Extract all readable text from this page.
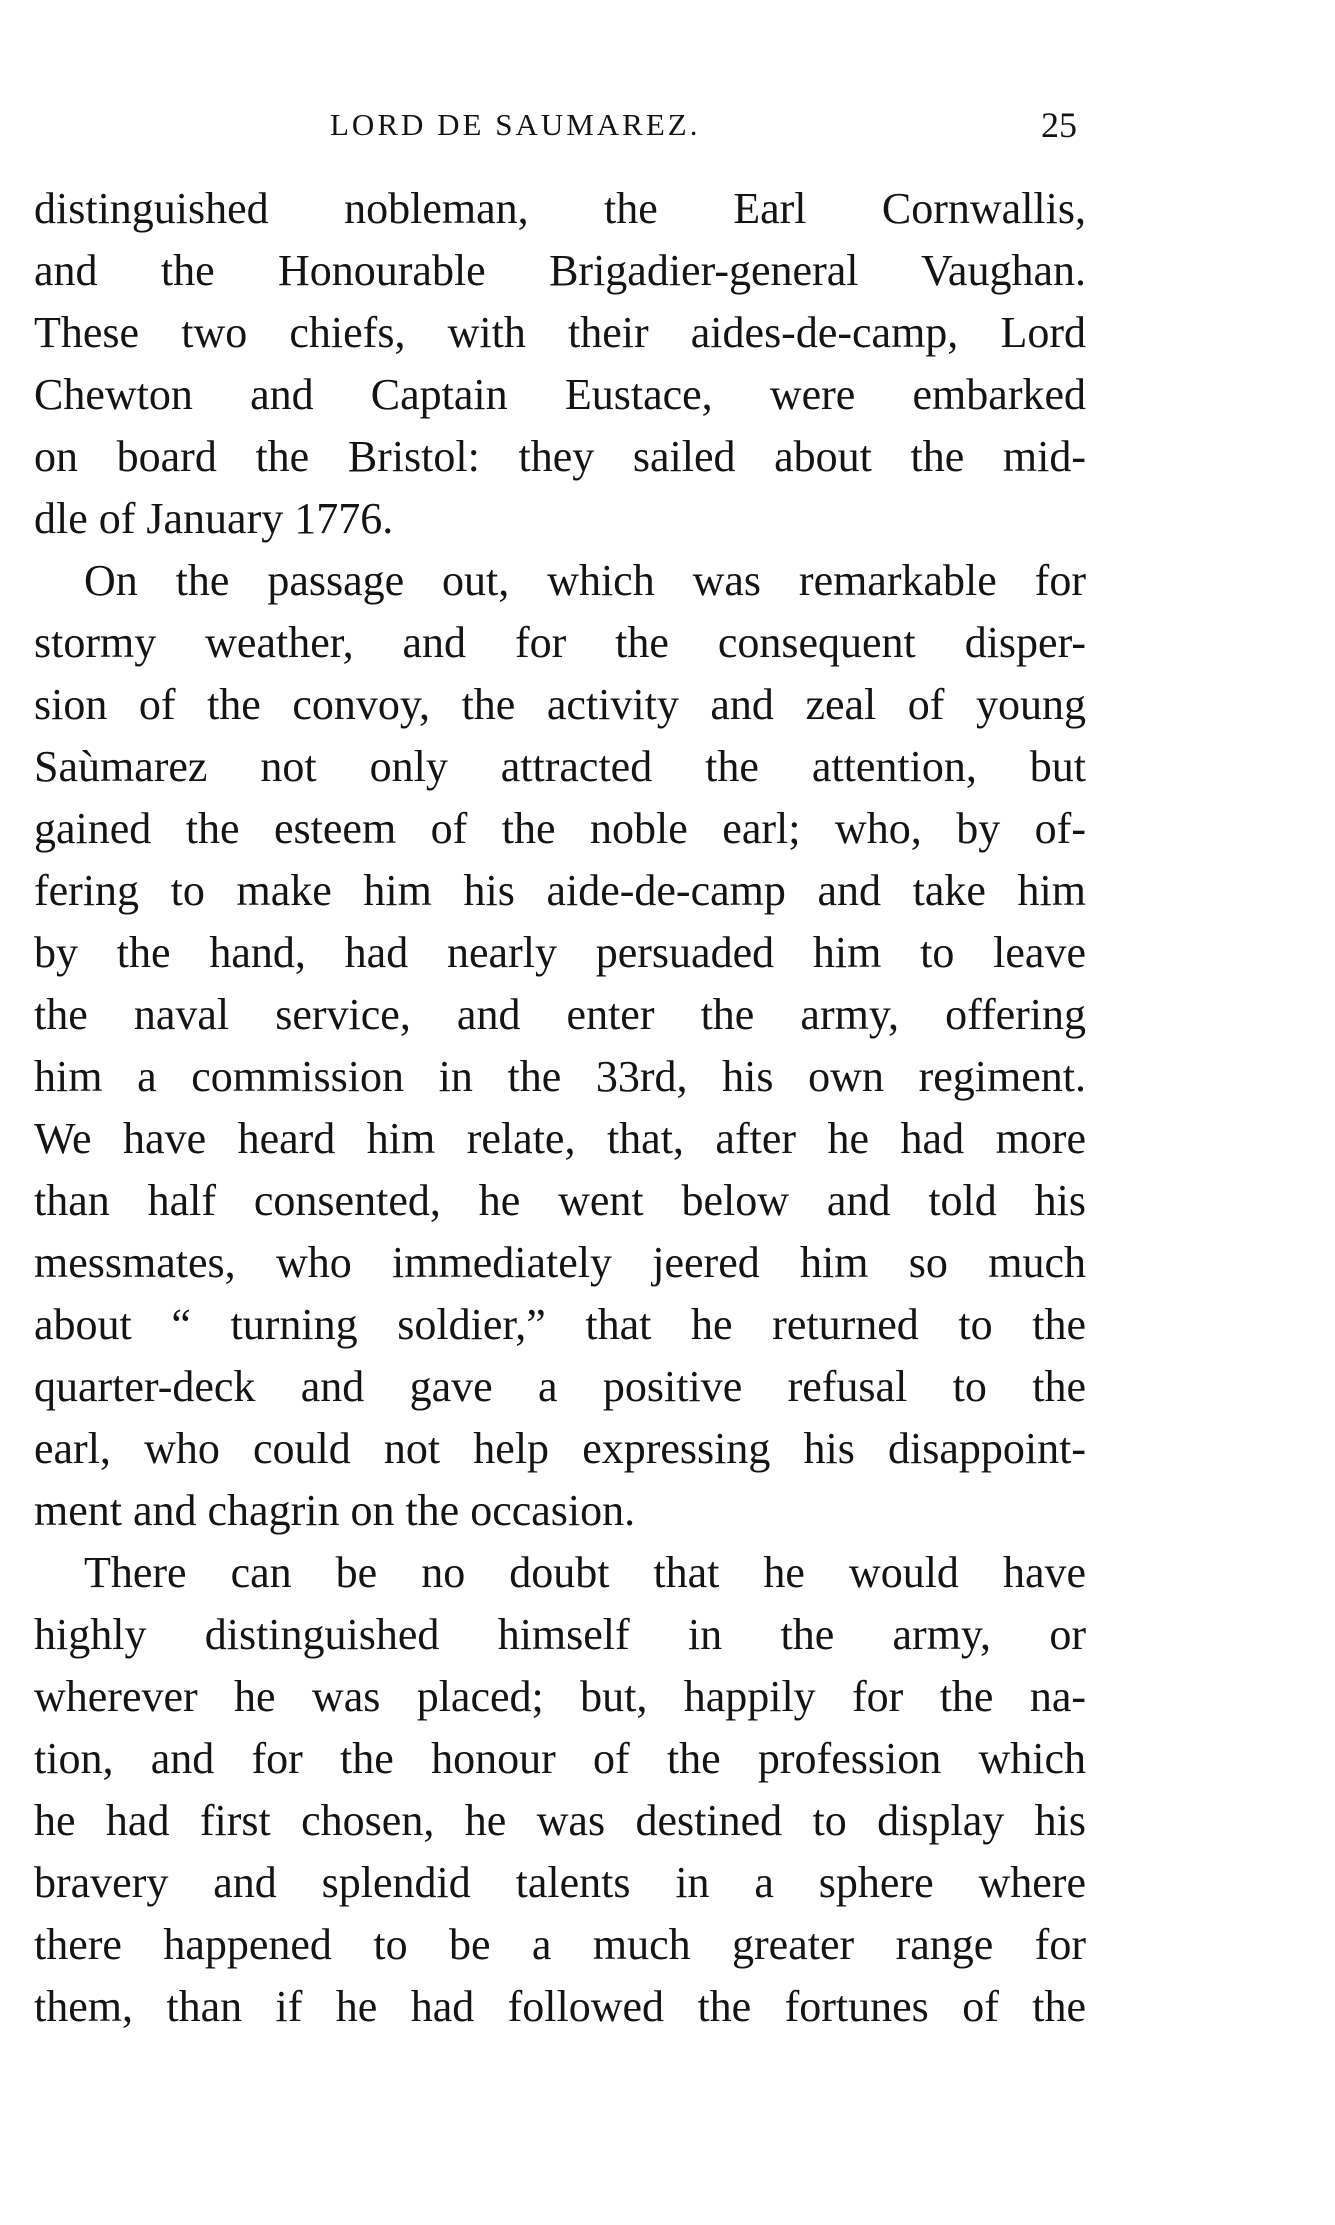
LORD DE SAUMAREZ.	25
distinguished nobleman, the Earl Cornwallis,
and the Honourable Brigadier-general Vaughan.
These two chiefs, with their aides-de-camp, Lord
Chewton and Captain Eustace, were embarked
on board the Bristol: they sailed about the mid-
dle of January 1776.
On the passage out, which was remarkable for
stormy weather, and for the consequent disper-
sion of the convoy, the activity and zeal of young
Saùmarez not only attracted the attention, but
gained the esteem of the noble earl; who, by of-
fering to make him his aide-de-camp and take him
by the hand, had nearly persuaded him to leave
the naval service, and enter the army, offering
him a commission in the 33rd, his own regiment.
We have heard him relate, that, after he had more
than half consented, he went below and told his
messmates, who immediately jeered him so much
about “ turning soldier,” that he returned to the
quarter-deck and gave a positive refusal to the
earl, who could not help expressing his disappoint-
ment and chagrin on the occasion.
There can be no doubt that he would have
highly distinguished himself in the army, or
wherever he was placed; but, happily for the na-
tion, and for the honour of the profession which
he had first chosen, he was destined to display his
bravery and splendid talents in a sphere where
there happened to be a much greater range for
them, than if he had followed the fortunes of the
